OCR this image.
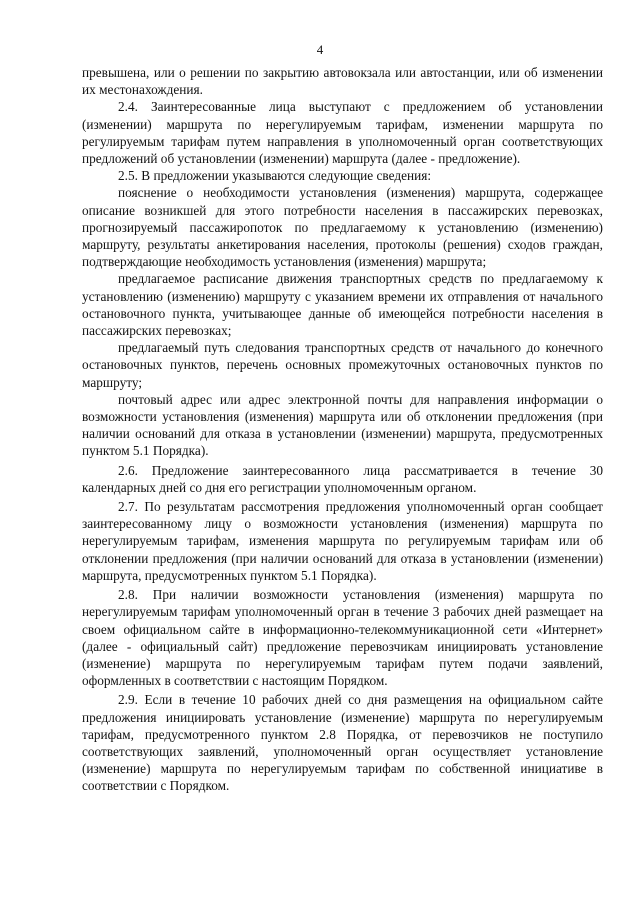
4

превышена, или о решении по закрытию автовокзала или автостанции, или об изменении их местонахождения.

2.4. Заинтересованные лица выступают с предложением об установлении (изменении) маршрута по нерегулируемым тарифам, изменении маршрута по регулируемым тарифам путем направления в уполномоченный орган соответствующих предложений об установлении (изменении) маршрута (далее - предложение).

2.5. В предложении указываются следующие сведения:

пояснение о необходимости установления (изменения) маршрута, содержащее описание возникшей для этого потребности населения в пассажирских перевозках, прогнозируемый пассажиропоток по предлагаемому к установлению (изменению) маршруту, результаты анкетирования населения, протоколы (решения) сходов граждан, подтверждающие необходимость установления (изменения) маршрута;

предлагаемое расписание движения транспортных средств по предлагаемому к установлению (изменению) маршруту с указанием времени их отправления от начального остановочного пункта, учитывающее данные об имеющейся потребности населения в пассажирских перевозках;

предлагаемый путь следования транспортных средств от начального до конечного остановочных пунктов, перечень основных промежуточных остановочных пунктов по маршруту;

почтовый адрес или адрес электронной почты для направления информации о возможности установления (изменения) маршрута или об отклонении предложения (при наличии оснований для отказа в установлении (изменении) маршрута, предусмотренных пунктом 5.1 Порядка).

2.6. Предложение заинтересованного лица рассматривается в течение 30 календарных дней со дня его регистрации уполномоченным органом.

2.7. По результатам рассмотрения предложения уполномоченный орган сообщает заинтересованному лицу о возможности установления (изменения) маршрута по нерегулируемым тарифам, изменения маршрута по регулируемым тарифам или об отклонении предложения (при наличии оснований для отказа в установлении (изменении) маршрута, предусмотренных пунктом 5.1 Порядка).

2.8. При наличии возможности установления (изменения) маршрута по нерегулируемым тарифам уполномоченный орган в течение 3 рабочих дней размещает на своем официальном сайте в информационно-телекоммуникационной сети «Интернет» (далее - официальный сайт) предложение перевозчикам инициировать установление (изменение) маршрута по нерегулируемым тарифам путем подачи заявлений, оформленных в соответствии с настоящим Порядком.

2.9. Если в течение 10 рабочих дней со дня размещения на официальном сайте предложения инициировать установление (изменение) маршрута по нерегулируемым тарифам, предусмотренного пунктом 2.8 Порядка, от перевозчиков не поступило соответствующих заявлений, уполномоченный орган осуществляет установление (изменение) маршрута по нерегулируемым тарифам по собственной инициативе в соответствии с Порядком.
